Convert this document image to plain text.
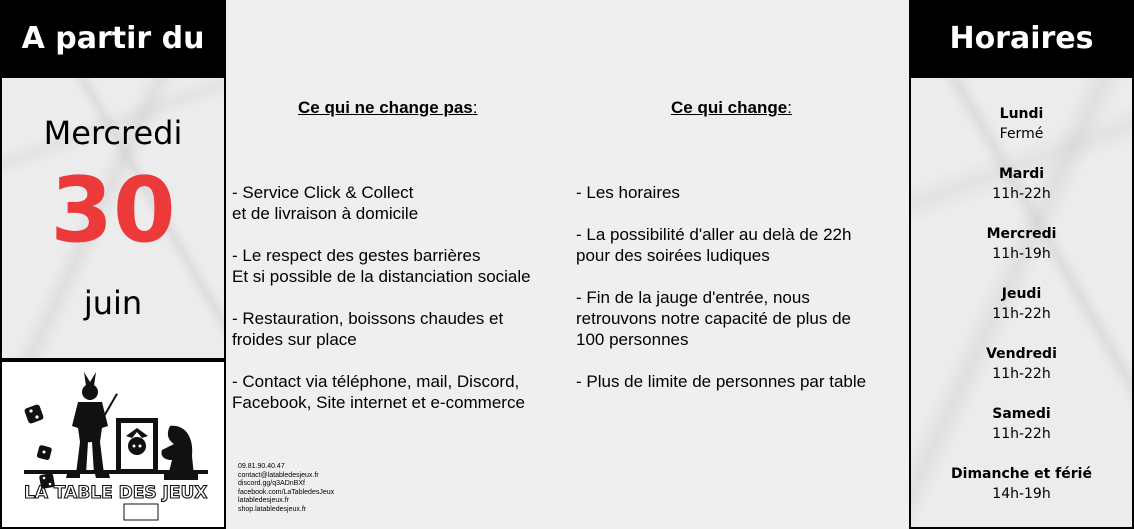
A partir du
Mercredi
30
juin
LA TABLE DES JEUX
Ce qui ne change pas:	Ce qui change:
- Service Click & Collect
et de livraison à domicile
- Le respect des gestes barrières
Et si possible de la distanciation sociale
- Restauration, boissons chaudes et
froides sur place
- Contact via téléphone, mail, Discord,
Facebook, Site internet et e-commerce
- Les horaires
- La possibilité d'aller au delà de 22h
pour des soirées ludiques
- Fin de la jauge d'entrée, nous
retrouvons notre capacité de plus de
100 personnes
- Plus de limite de personnes par table
09.81.90.40.47
contact@latabledesjeux.fr
discord.gg/q3ADnBXf
facebook.com/LaTabledesJeux
latabledesjeux.fr
shop.latabledesjeux.fr
Horaires
Lundi
Fermé
Mardi
11h-22h
Mercredi
11h-19h
Jeudi
11h-22h
Vendredi
11h-22h
Samedi
11h-22h
Dimanche et férié
14h-19h
